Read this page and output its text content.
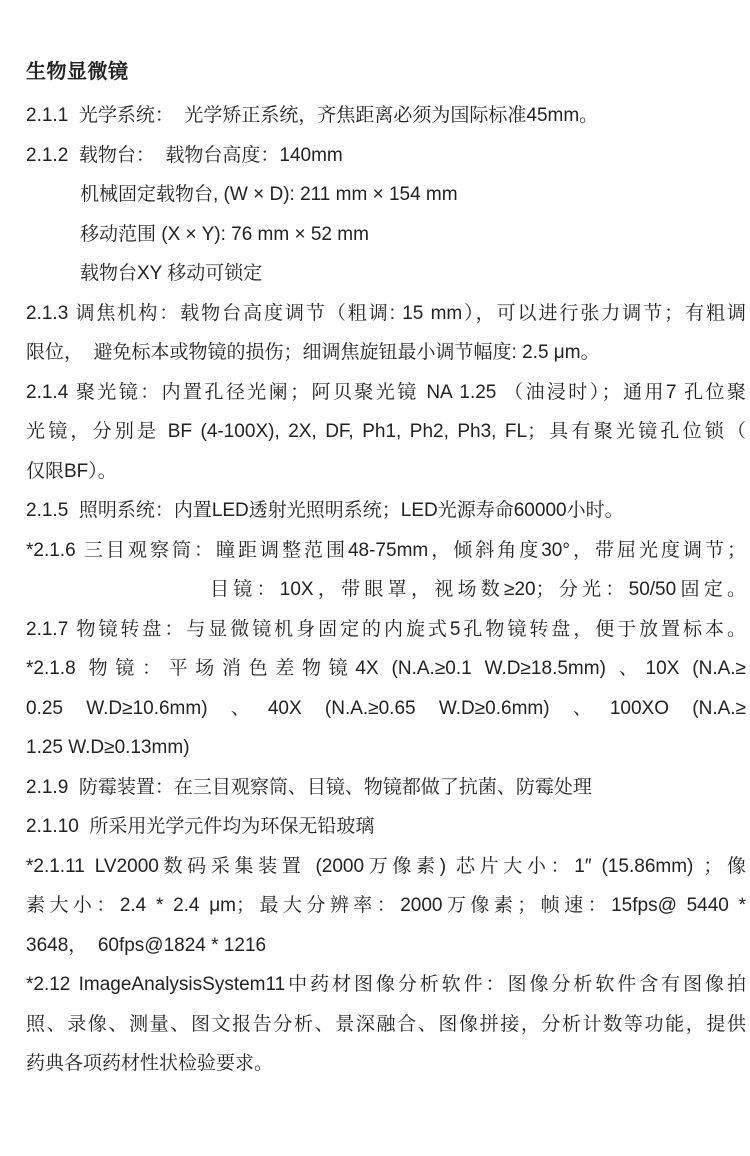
生物显微镜
2.1.1  光学系统：  光学矫正系统，齐焦距离必须为国际标准45mm。
2.1.2  载物台：  载物台高度：140mm
机械固定载物台, (W × D): 211 mm × 154 mm
移动范围 (X × Y): 76 mm × 52 mm
载物台XY 移动可锁定
2.1.3 调焦机构：载物台高度调节（粗调: 15 mm），可以进行张力调节；有粗调
限位，  避免标本或物镜的损伤；细调焦旋钮最小调节幅度: 2.5 μm。
2.1.4 聚光镜：内置孔径光阑；阿贝聚光镜 NA 1.25 （油浸时）；通用7 孔位聚
光镜，分别是 BF (4-100X), 2X, DF, Ph1, Ph2, Ph3, FL；具有聚光镜孔位锁（
仅限BF）。
2.1.5  照明系统：内置LED透射光照明系统；LED光源寿命60000小时。
*2.1.6 三目观察筒：瞳距调整范围48-75mm，倾斜角度30°，带屈光度调节；
目镜：10X，带眼罩，视场数≥20；分光：50/50固定。
2.1.7 物镜转盘：与显微镜机身固定的内旋式5孔物镜转盘，便于放置标本。
*2.1.8 物镜：平场消色差物镜4X (N.A.≥0.1 W.D≥18.5mm) 、10X (N.A.≥
0.25 W.D≥10.6mm) 、40X (N.A.≥0.65 W.D≥0.6mm) 、100XO (N.A.≥
1.25 W.D≥0.13mm)
2.1.9  防霉装置：在三目观察筒、目镜、物镜都做了抗菌、防霉处理
2.1.10  所采用光学元件均为环保无铅玻璃
*2.1.11 LV2000数码采集装置 (2000万像素) 芯片大小：1″ (15.86mm) ；像
素大小：2.4 * 2.4 μm；最大分辨率：2000万像素；帧速：15fps@ 5440 *
3648，  60fps@1824 * 1216
*2.12 ImageAnalysisSystem11中药材图像分析软件：图像分析软件含有图像拍
照、录像、测量、图文报告分析、景深融合、图像拼接，分析计数等功能，提供
药典各项药材性状检验要求。
